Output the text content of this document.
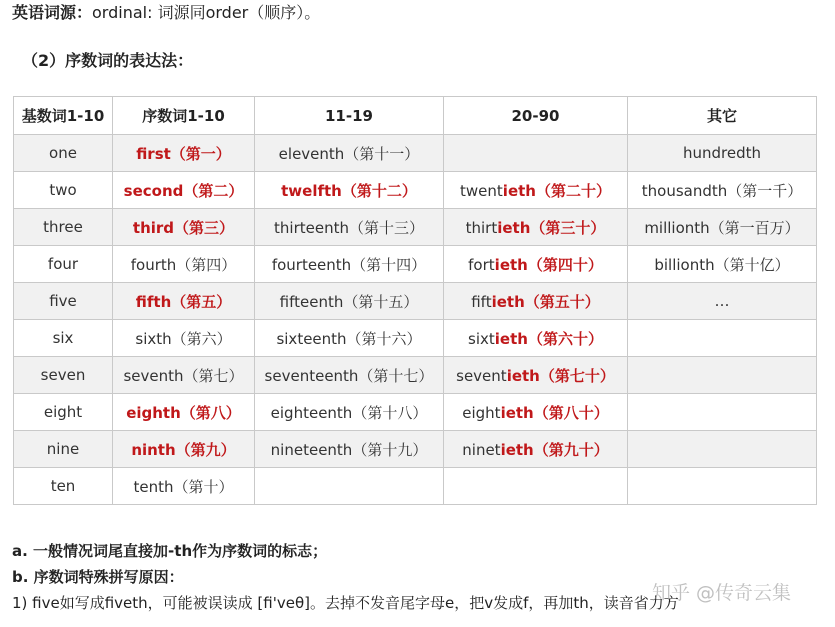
英语词源：ordinal: 词源同order（顺序）。
（2）序数词的表达法：
基数词1-10	序数词1-10	11-19	20-90	其它
one	first（第一）	eleventh（第十一）		hundredth
two	second（第二）	twelfth（第十二）	twentieth（第二十）	thousandth（第一千）
three	third（第三）	thirteenth（第十三）	thirtieth（第三十）	millionth（第一百万）
four	fourth（第四）	fourteenth（第十四）	fortieth（第四十）	billionth（第十亿）
five	fifth（第五）	fifteenth（第十五）	fiftieth（第五十）	…
six	sixth（第六）	sixteenth（第十六）	sixtieth（第六十）	
seven	seventh（第七）	seventeenth（第十七）	seventieth（第七十）	
eight	eighth（第八）	eighteenth（第十八）	eightieth（第八十）	
nine	ninth（第九）	nineteenth（第十九）	ninetieth（第九十）	
ten	tenth（第十）			
a. 一般情况词尾直接加-th作为序数词的标志；
b. 序数词特殊拼写原因：
1) five如写成fiveth，可能被误读成 [fi'veθ]。去掉不发音尾字母e，把v发成f，再加th，读音省力方
知乎 @传奇云集
